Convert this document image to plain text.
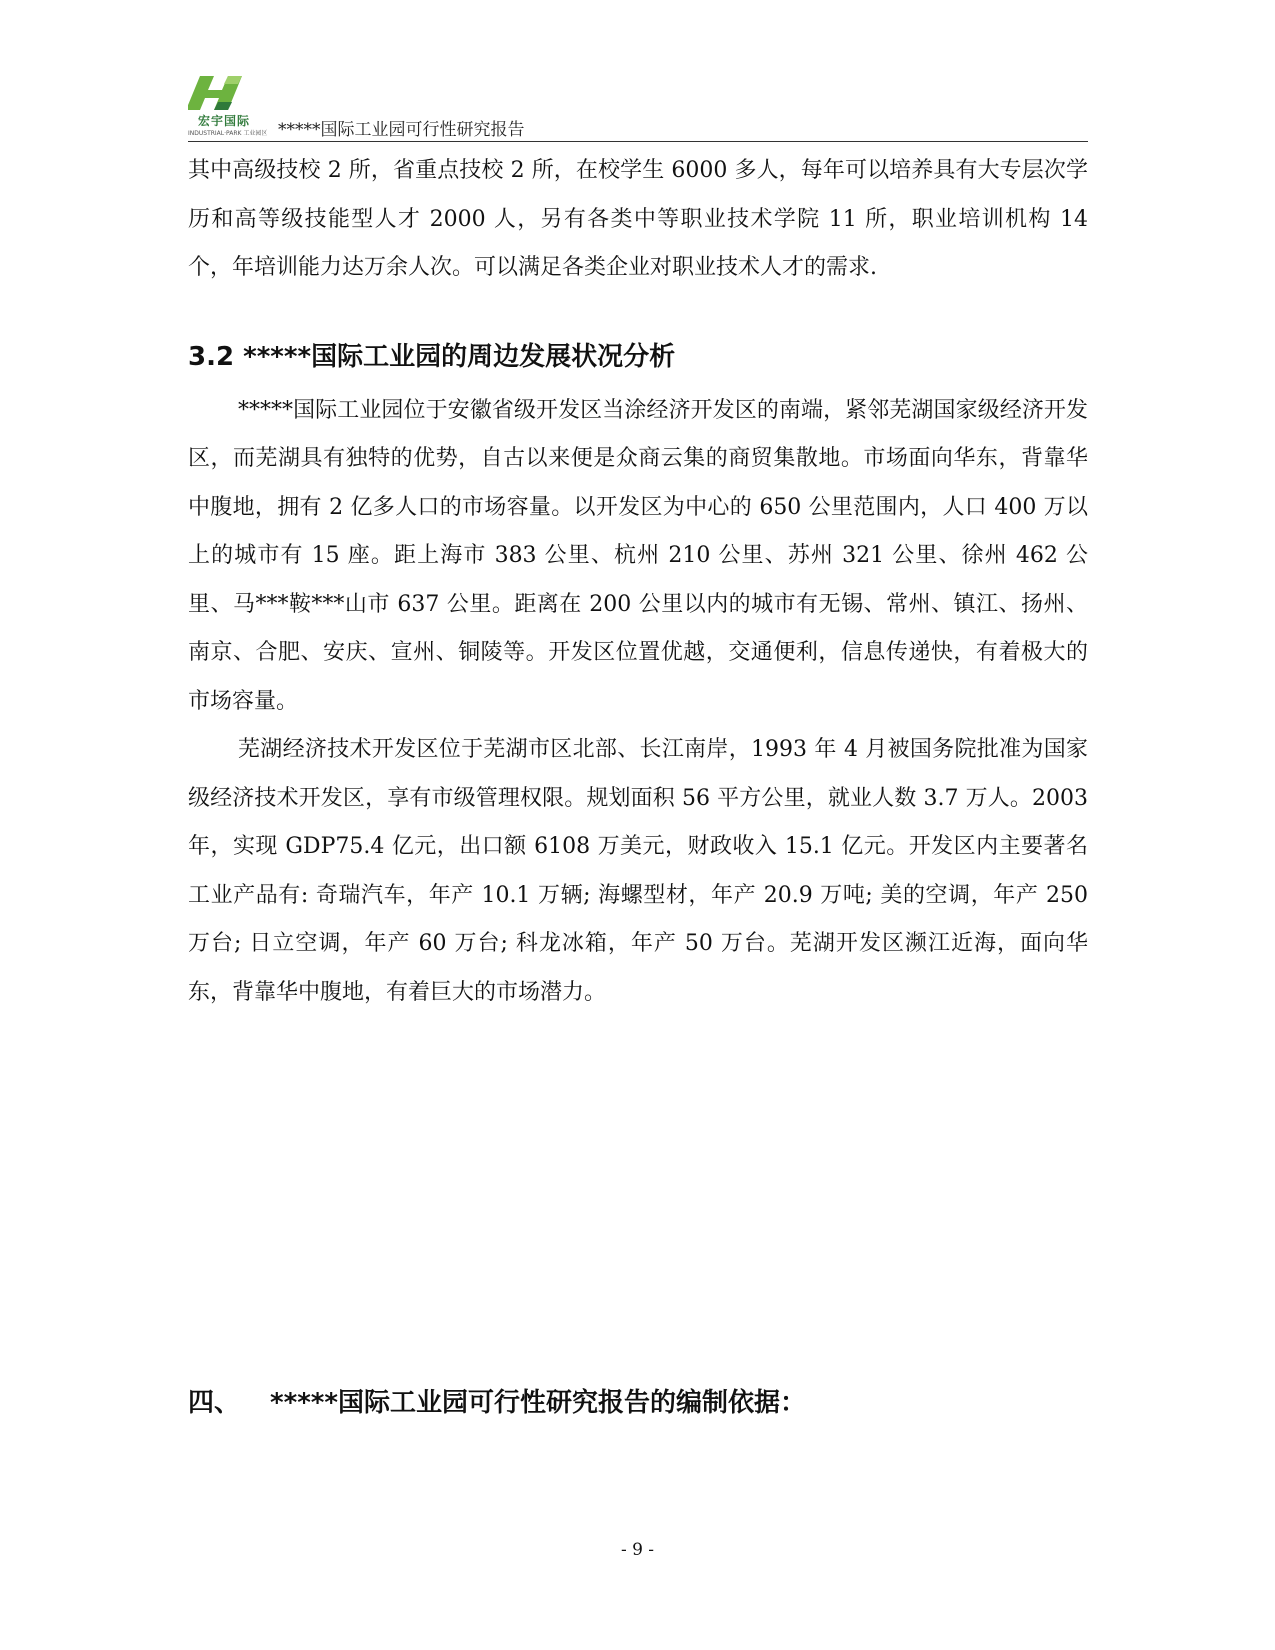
宏宇国际
INDUSTRIAL·PARK 工业园区 *****国际工业园可行性研究报告

其中高级技校 2 所，省重点技校 2 所，在校学生 6000 多人，每年可以培养具有大专层次学历和高等级技能型人才 2000 人，另有各类中等职业技术学院 11 所，职业培训机构 14 个，年培训能力达万余人次。可以满足各类企业对职业技术人才的需求.

3.2 *****国际工业园的周边发展状况分析

*****国际工业园位于安徽省级开发区当涂经济开发区的南端，紧邻芜湖国家级经济开发区，而芜湖具有独特的优势，自古以来便是众商云集的商贸集散地。市场面向华东，背靠华中腹地，拥有 2 亿多人口的市场容量。以开发区为中心的 650 公里范围内，人口 400 万以上的城市有 15 座。距上海市 383 公里、杭州 210 公里、苏州 321 公里、徐州 462 公里、马***鞍***山市 637 公里。距离在 200 公里以内的城市有无锡、常州、镇江、扬州、南京、合肥、安庆、宣州、铜陵等。开发区位置优越，交通便利，信息传递快，有着极大的市场容量。

芜湖经济技术开发区位于芜湖市区北部、长江南岸，1993 年 4 月被国务院批准为国家级经济技术开发区，享有市级管理权限。规划面积 56 平方公里，就业人数 3.7 万人。2003 年，实现 GDP75.4 亿元，出口额 6108 万美元，财政收入 15.1 亿元。开发区内主要著名工业产品有: 奇瑞汽车，年产 10.1 万辆; 海螺型材，年产 20.9 万吨; 美的空调，年产 250 万台; 日立空调，年产 60 万台; 科龙冰箱，年产 50 万台。芜湖开发区濒江近海，面向华东，背靠华中腹地，有着巨大的市场潜力。

四、 *****国际工业园可行性研究报告的编制依据：
- 9 -
